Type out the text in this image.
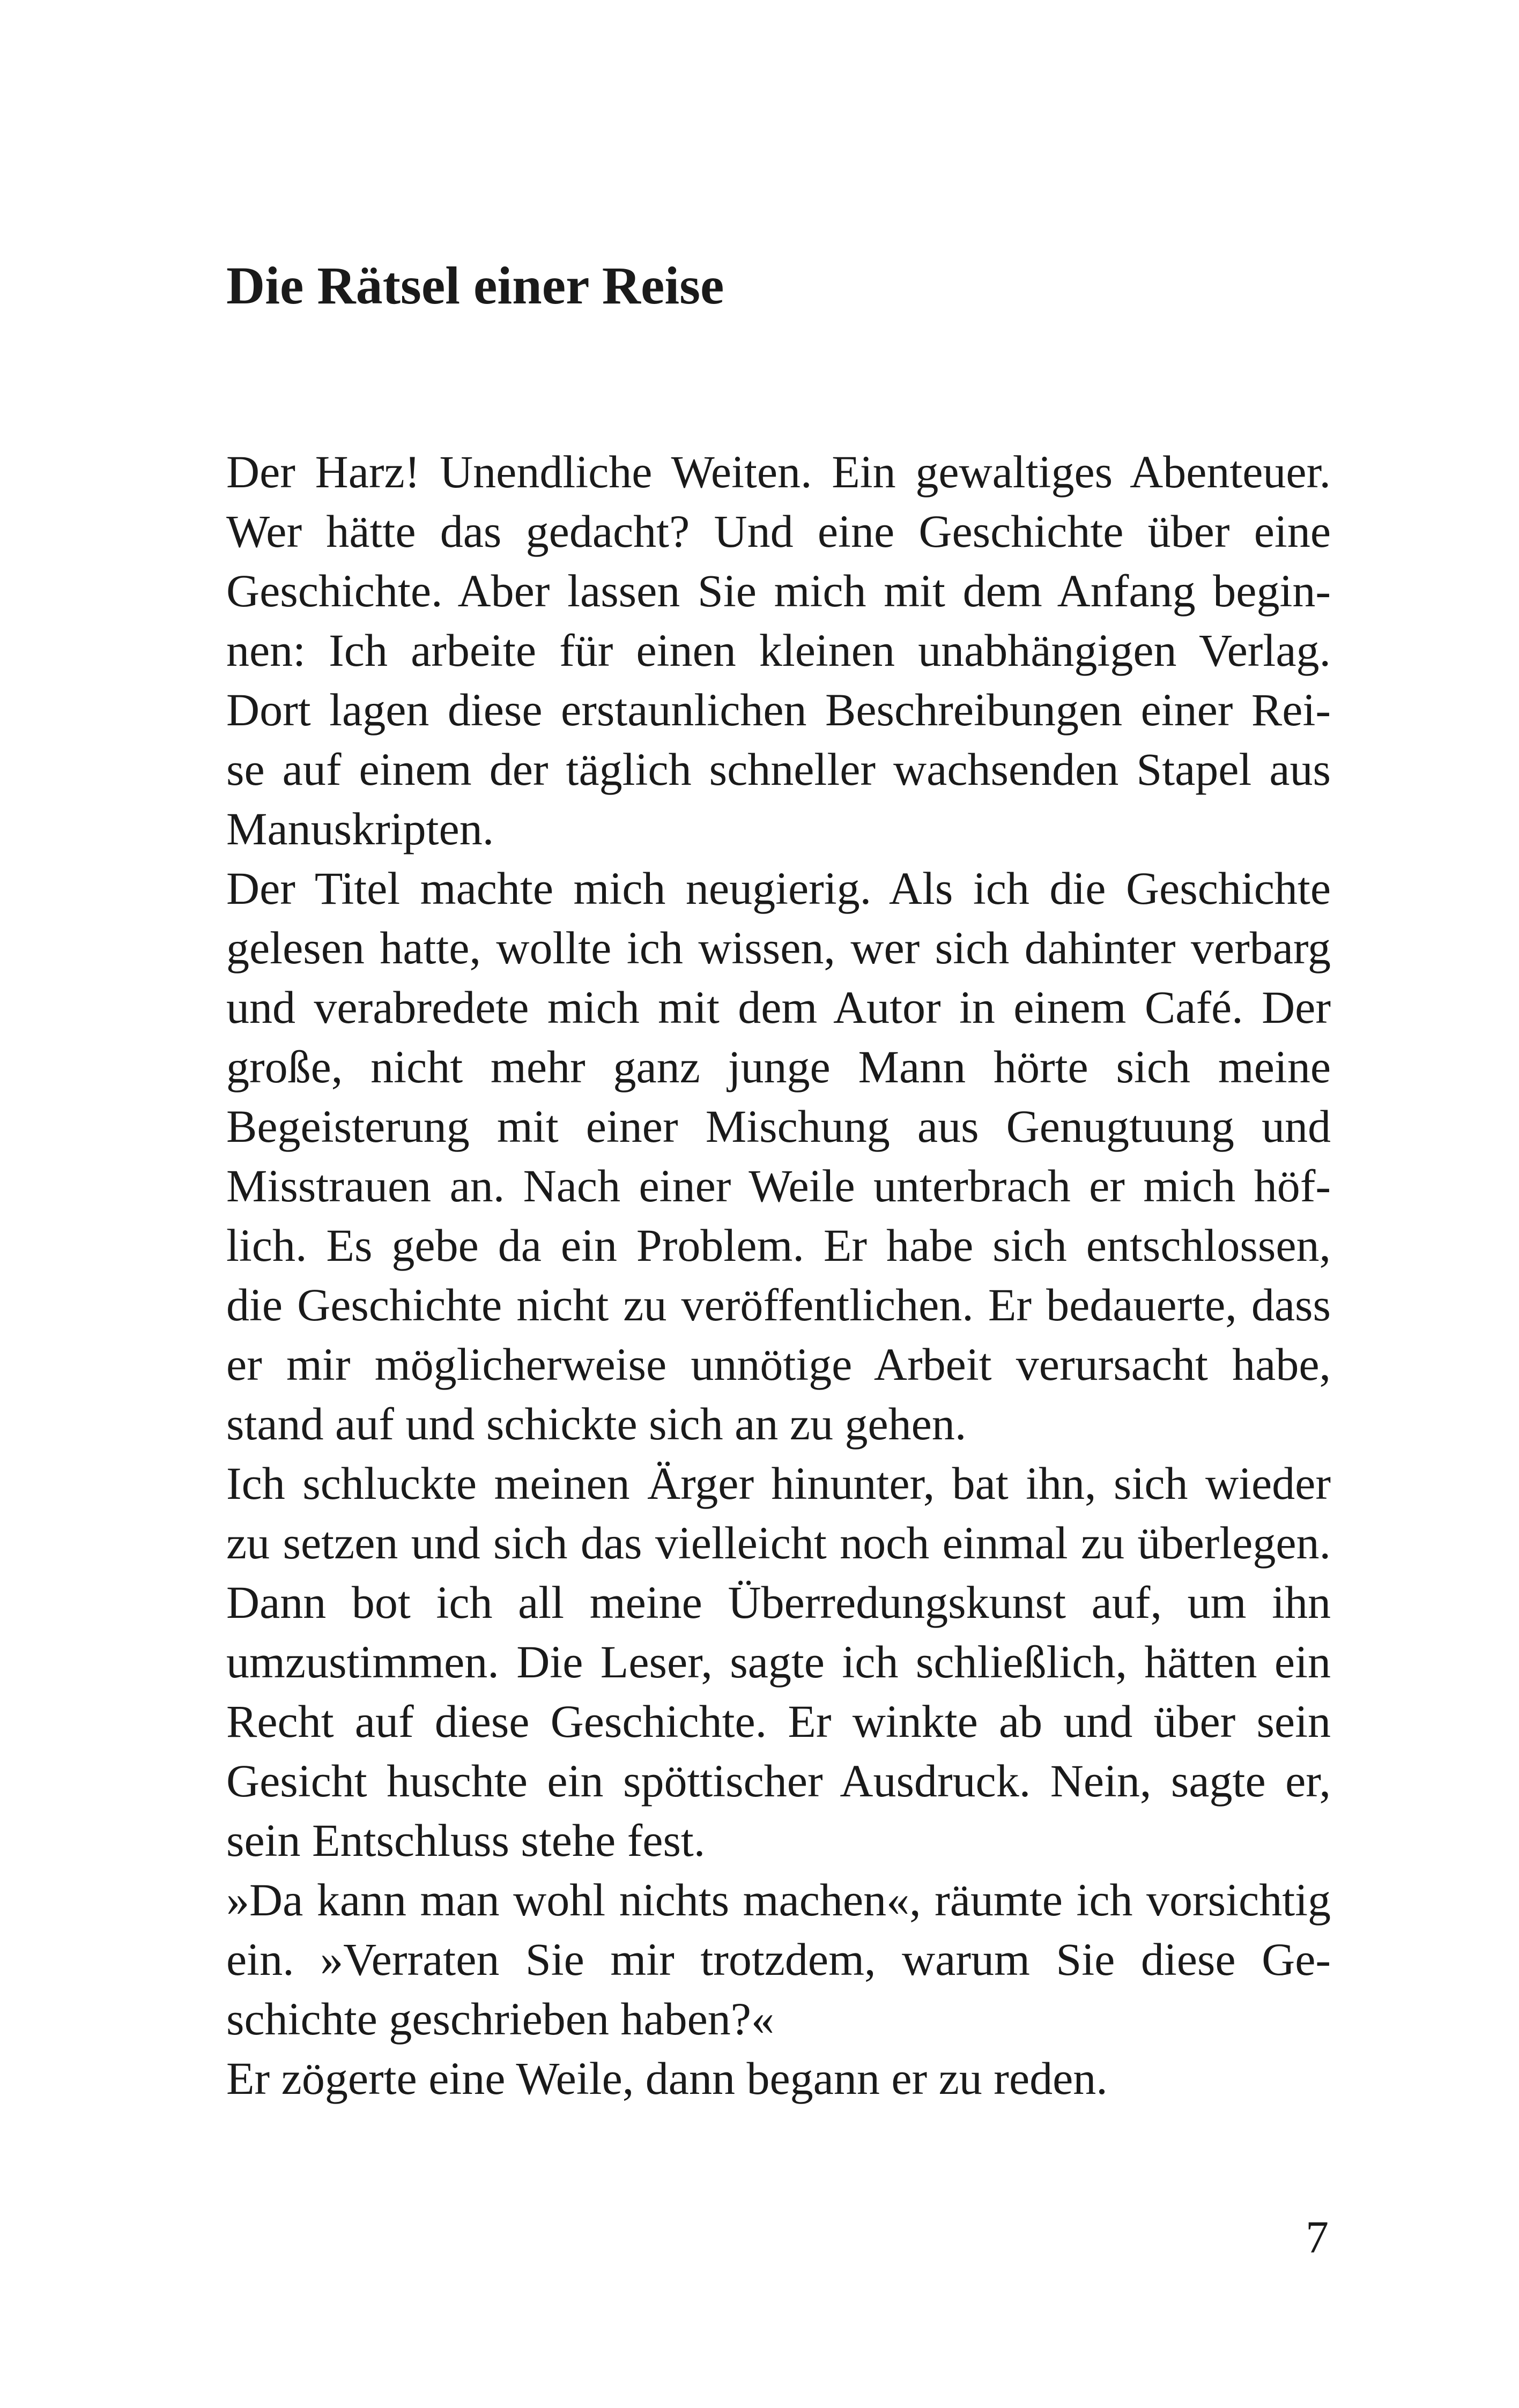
Die Rätsel einer Reise
Der Harz! Unendliche Weiten. Ein gewaltiges Abenteuer.
Wer hätte das gedacht? Und eine Geschichte über eine
Geschichte. Aber lassen Sie mich mit dem Anfang begin-
nen: Ich arbeite für einen kleinen unabhängigen Verlag.
Dort lagen diese erstaunlichen Beschreibungen einer Rei-
se auf einem der täglich schneller wachsenden Stapel aus
Manuskripten.
Der Titel machte mich neugierig. Als ich die Geschichte
gelesen hatte, wollte ich wissen, wer sich dahinter verbarg
und verabredete mich mit dem Autor in einem Café. Der
große, nicht mehr ganz junge Mann hörte sich meine
Begeisterung mit einer Mischung aus Genugtuung und
Misstrauen an. Nach einer Weile unterbrach er mich höf-
lich. Es gebe da ein Problem. Er habe sich entschlossen,
die Geschichte nicht zu veröffentlichen. Er bedauerte, dass
er mir möglicherweise unnötige Arbeit verursacht habe,
stand auf und schickte sich an zu gehen.
Ich schluckte meinen Ärger hinunter, bat ihn, sich wieder
zu setzen und sich das vielleicht noch einmal zu überlegen.
Dann bot ich all meine Überredungskunst auf, um ihn
umzustimmen. Die Leser, sagte ich schließlich, hätten ein
Recht auf diese Geschichte. Er winkte ab und über sein
Gesicht huschte ein spöttischer Ausdruck. Nein, sagte er,
sein Entschluss stehe fest.
»Da kann man wohl nichts machen«, räumte ich vorsichtig
ein. »Verraten Sie mir trotzdem, warum Sie diese Ge-
schichte geschrieben haben?«
Er zögerte eine Weile, dann begann er zu reden.
7
